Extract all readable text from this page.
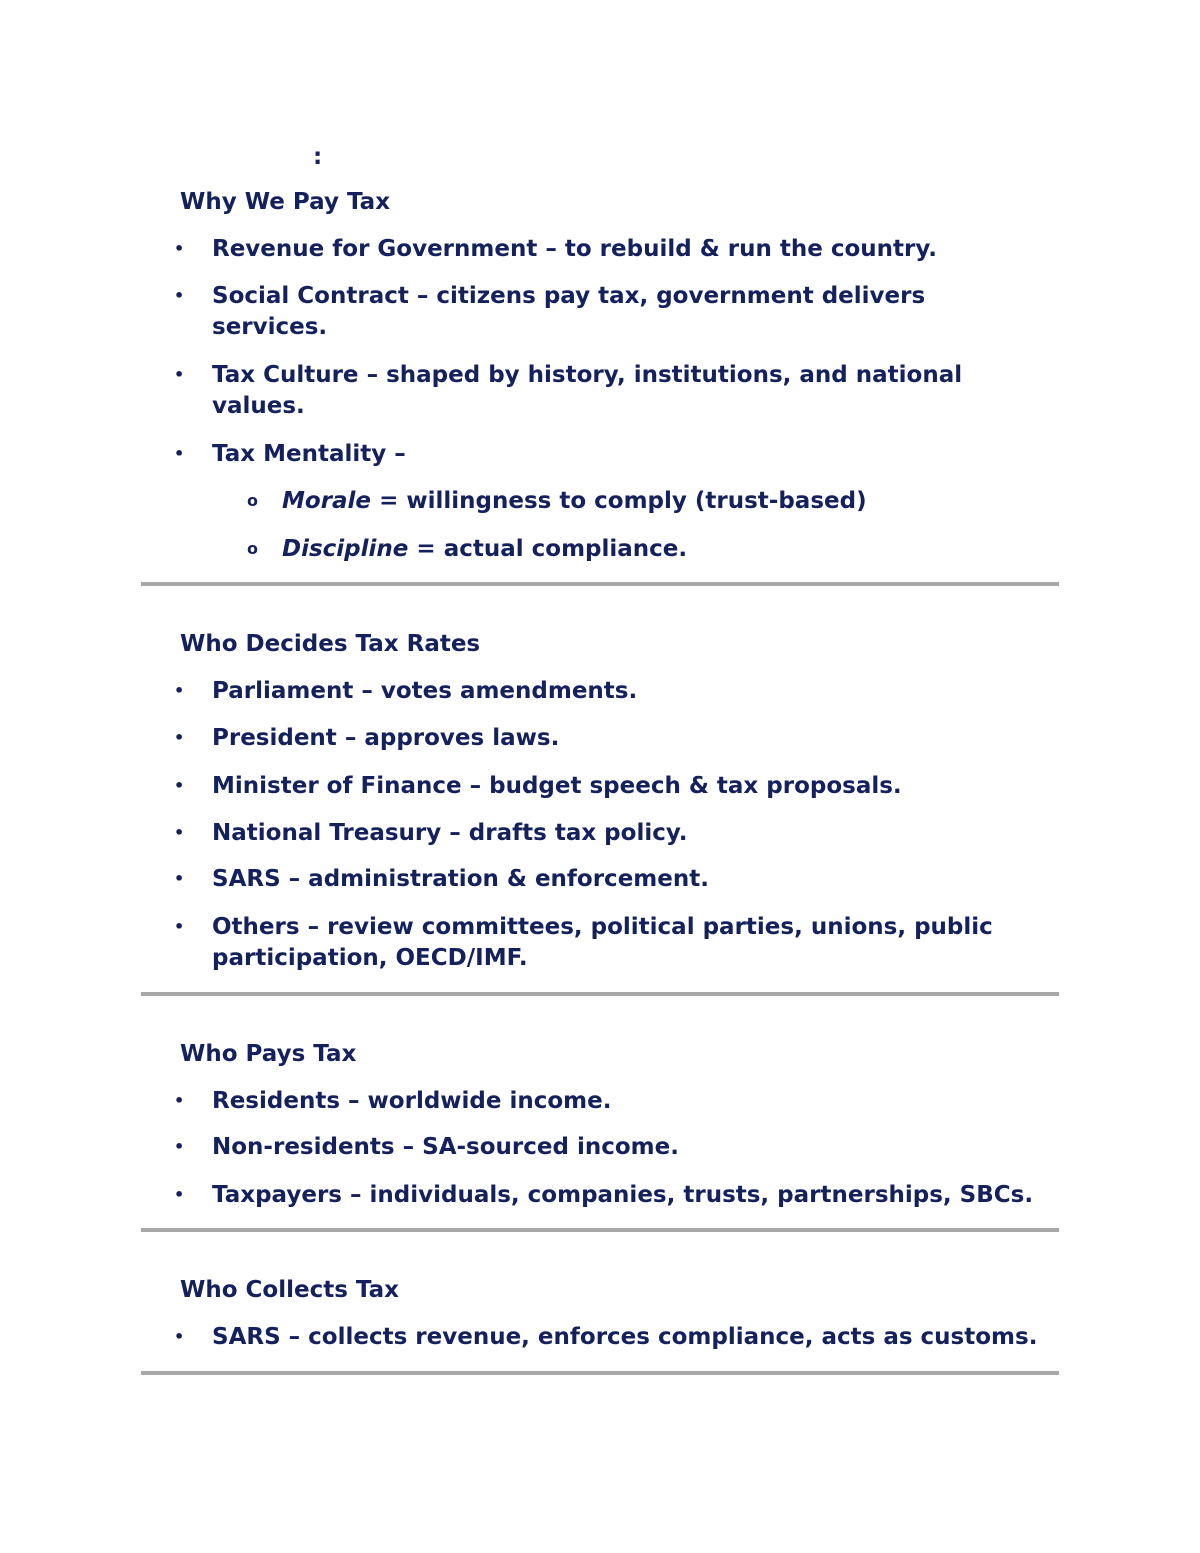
:
Why We Pay Tax
• Revenue for Government – to rebuild & run the country.
• Social Contract – citizens pay tax, government delivers services.
• Tax Culture – shaped by history, institutions, and national values.
• Tax Mentality –
o Morale = willingness to comply (trust-based)
o Discipline = actual compliance.
Who Decides Tax Rates
• Parliament – votes amendments.
• President – approves laws.
• Minister of Finance – budget speech & tax proposals.
• National Treasury – drafts tax policy.
• SARS – administration & enforcement.
• Others – review committees, political parties, unions, public participation, OECD/IMF.
Who Pays Tax
• Residents – worldwide income.
• Non-residents – SA-sourced income.
• Taxpayers – individuals, companies, trusts, partnerships, SBCs.
Who Collects Tax
• SARS – collects revenue, enforces compliance, acts as customs.
